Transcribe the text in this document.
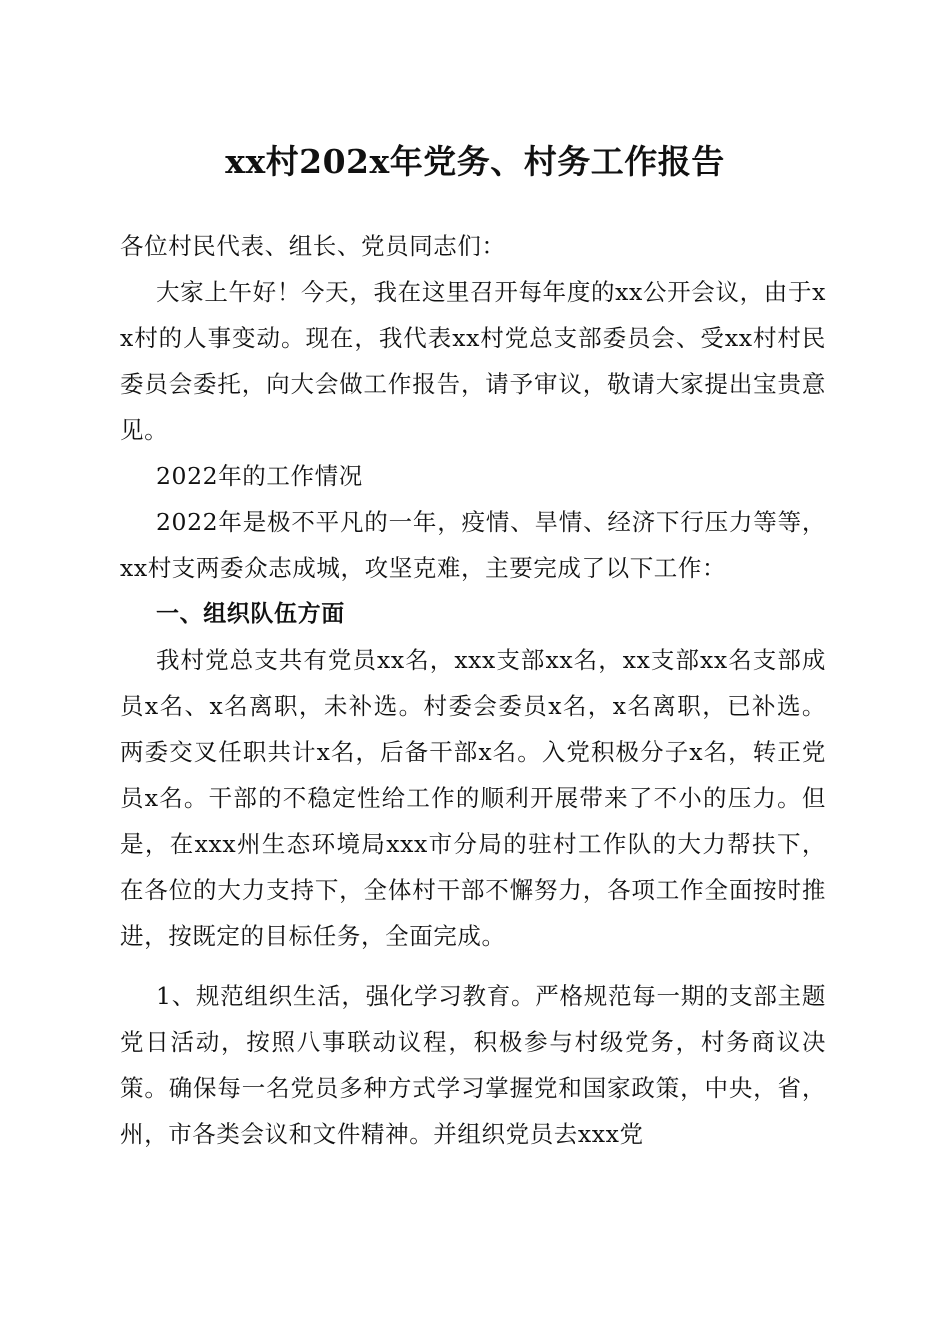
xx村202x年党务、村务工作报告

各位村民代表、组长、党员同志们：

大家上午好！今天，我在这里召开每年度的xx公开会议，由于xx村的人事变动。现在，我代表xx村党总支部委员会、受xx村村民委员会委托，向大会做工作报告，请予审议，敬请大家提出宝贵意见。

2022年的工作情况

2022年是极不平凡的一年，疫情、旱情、经济下行压力等等，xx村支两委众志成城，攻坚克难，主要完成了以下工作：

一、组织队伍方面

我村党总支共有党员xx名，xxx支部xx名，xx支部xx名支部成员x名、x名离职，未补选。村委会委员x名，x名离职，已补选。两委交叉任职共计x名，后备干部x名。入党积极分子x名，转正党员x名。干部的不稳定性给工作的顺利开展带来了不小的压力。但是，在xxx州生态环境局xxx市分局的驻村工作队的大力帮扶下，在各位的大力支持下，全体村干部不懈努力，各项工作全面按时推进，按既定的目标任务，全面完成。

1、规范组织生活，强化学习教育。严格规范每一期的支部主题党日活动，按照八事联动议程，积极参与村级党务，村务商议决策。确保每一名党员多种方式学习掌握党和国家政策，中央，省，州，市各类会议和文件精神。并组织党员去xxx党
